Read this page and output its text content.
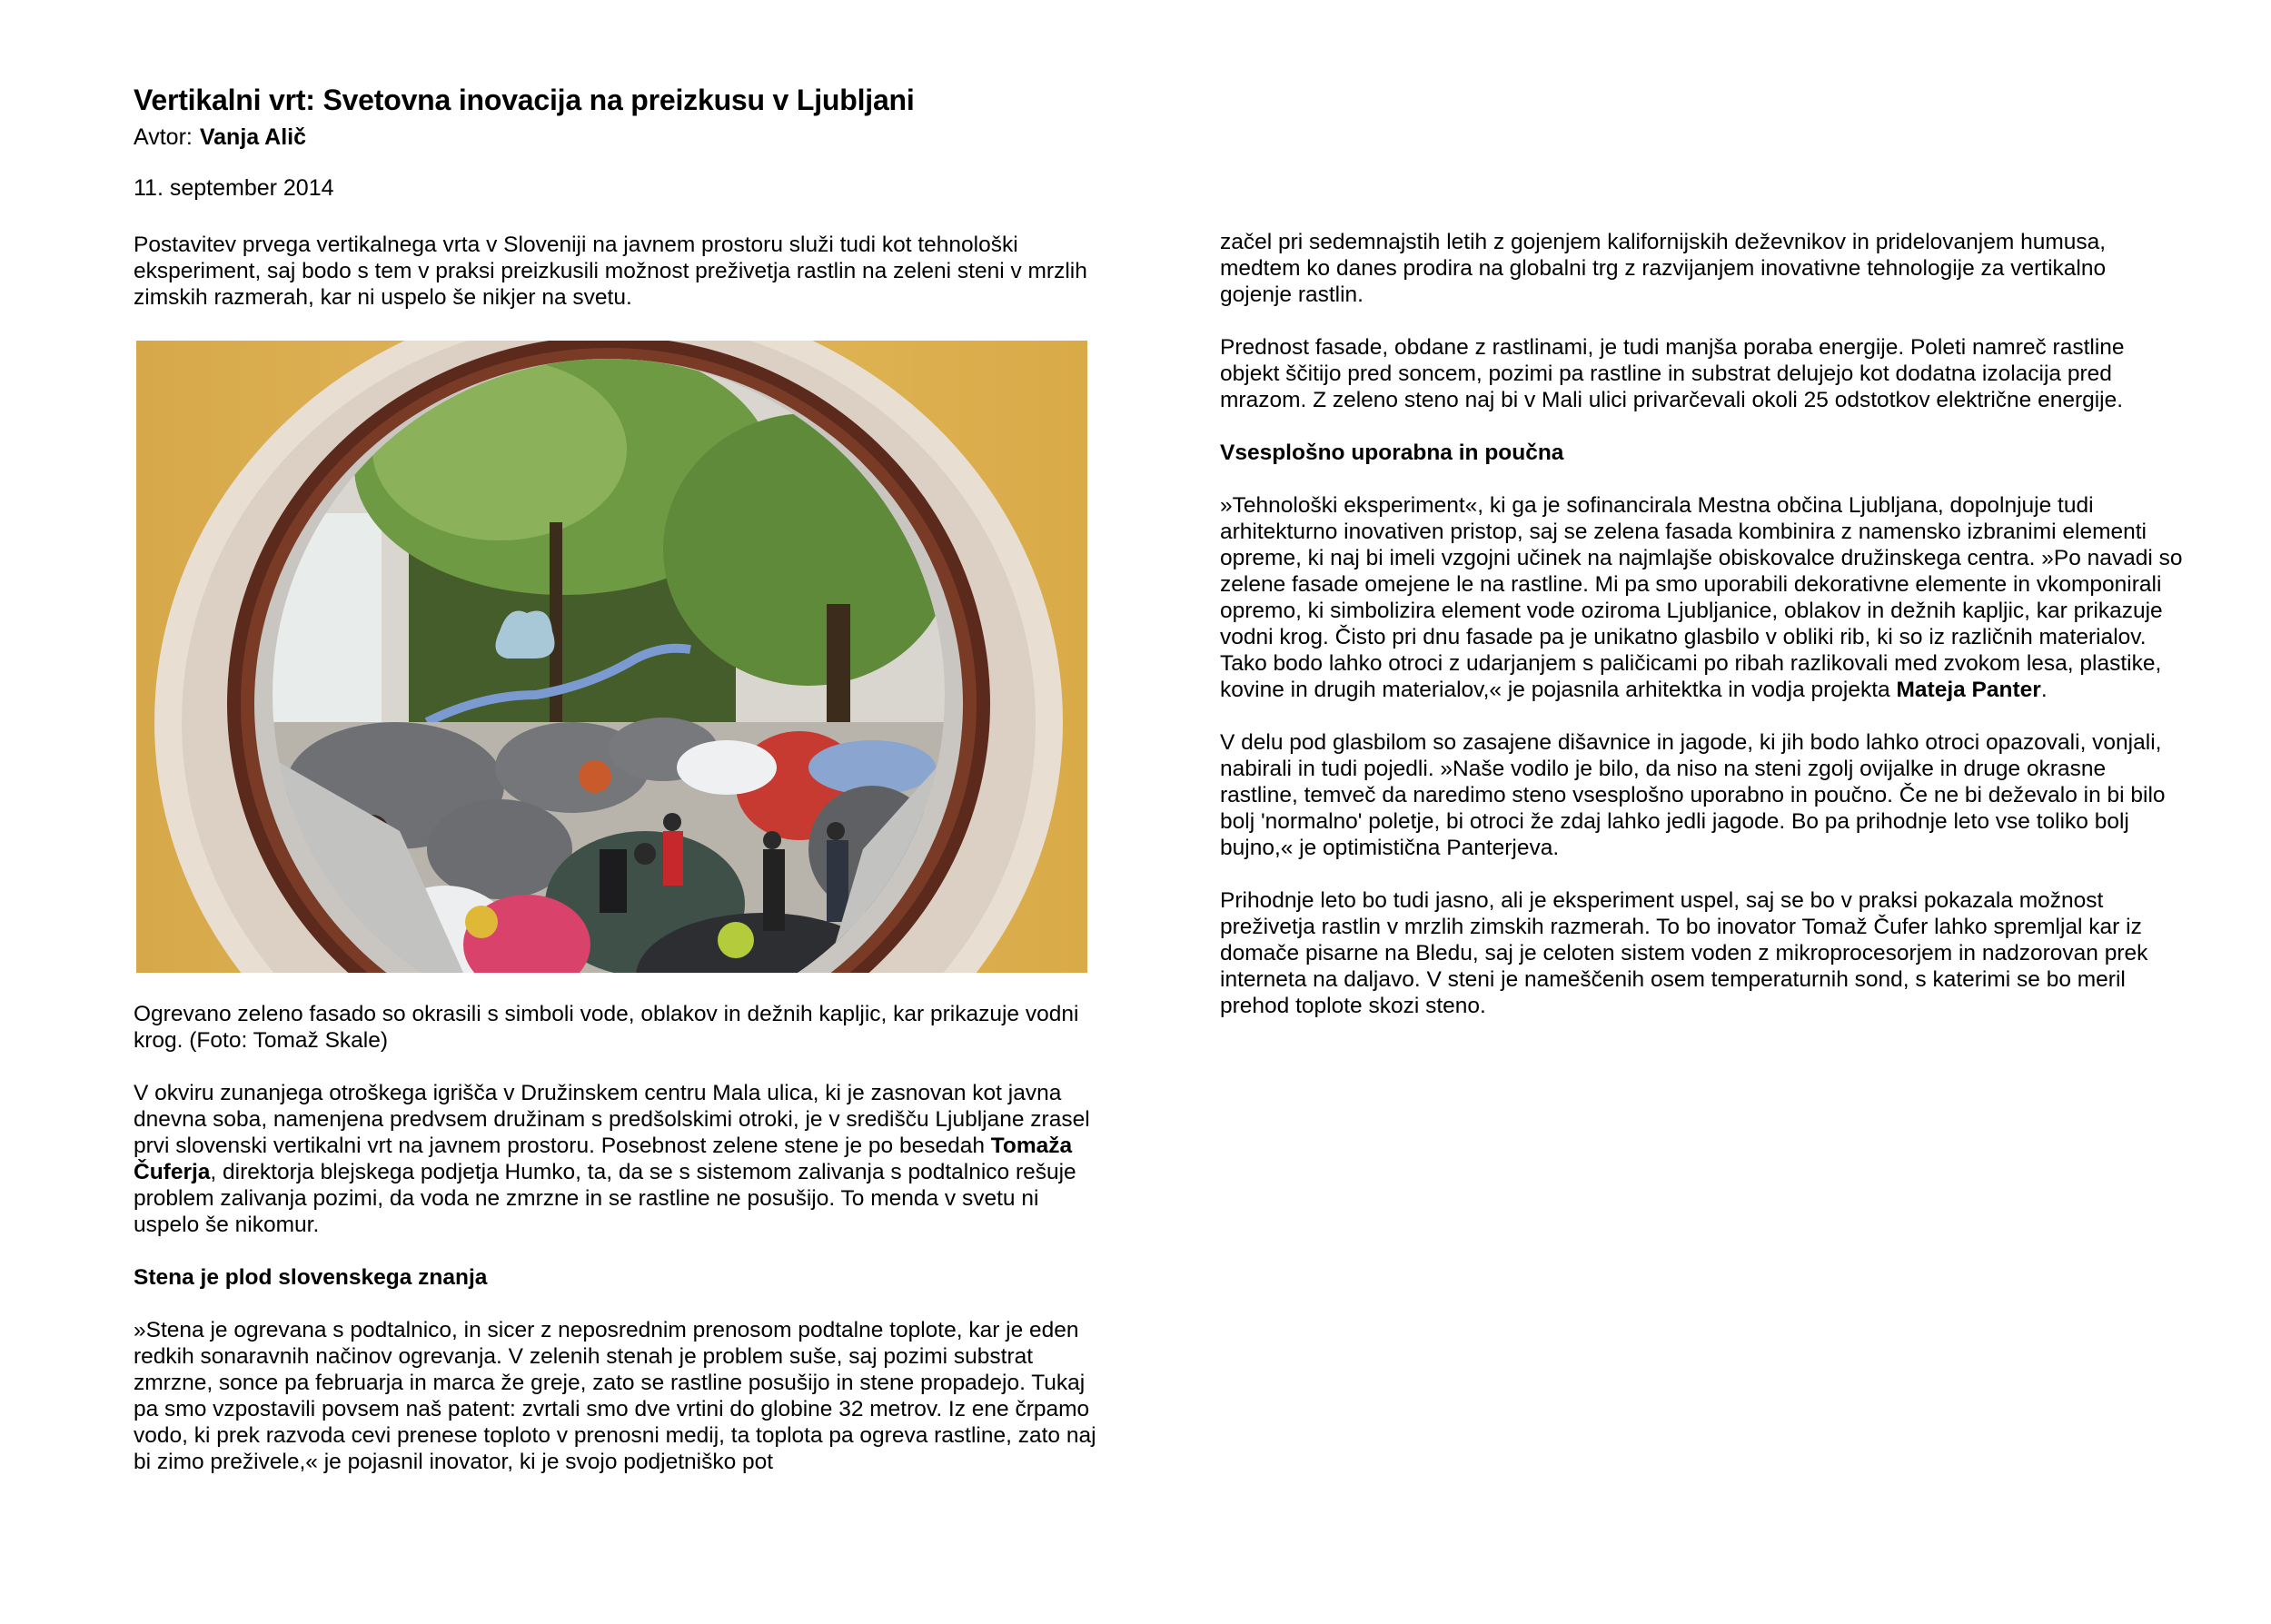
Vertikalni vrt: Svetovna inovacija na preizkusu v Ljubljani
Avtor: Vanja Alič
11. september 2014

Postavitev prvega vertikalnega vrta v Sloveniji na javnem prostoru služi tudi kot tehnološki eksperiment, saj bodo s tem v praksi preizkusili možnost preživetja rastlin na zeleni steni v mrzlih zimskih razmerah, kar ni uspelo še nikjer na svetu.

Ogrevano zeleno fasado so okrasili s simboli vode, oblakov in dežnih kapljic, kar prikazuje vodni krog. (Foto: Tomaž Skale)

V okviru zunanjega otroškega igrišča v Družinskem centru Mala ulica, ki je zasnovan kot javna dnevna soba, namenjena predvsem družinam s predšolskimi otroki, je v središču Ljubljane zrasel prvi slovenski vertikalni vrt na javnem prostoru. Posebnost zelene stene je po besedah Tomaža Čuferja, direktorja blejskega podjetja Humko, ta, da se s sistemom zalivanja s podtalnico rešuje problem zalivanja pozimi, da voda ne zmrzne in se rastline ne posušijo. To menda v svetu ni uspelo še nikomur.

Stena je plod slovenskega znanja

»Stena je ogrevana s podtalnico, in sicer z neposrednim prenosom podtalne toplote, kar je eden redkih sonaravnih načinov ogrevanja. V zelenih stenah je problem suše, saj pozimi substrat zmrzne, sonce pa februarja in marca že greje, zato se rastline posušijo in stene propadejo. Tukaj pa smo vzpostavili povsem naš patent: zvrtali smo dve vrtini do globine 32 metrov. Iz ene črpamo vodo, ki prek razvoda cevi prenese toploto v prenosni medij, ta toplota pa ogreva rastline, zato naj bi zimo preživele,« je pojasnil inovator, ki je svojo podjetniško pot

začel pri sedemnajstih letih z gojenjem kalifornijskih deževnikov in pridelovanjem humusa, medtem ko danes prodira na globalni trg z razvijanjem inovativne tehnologije za vertikalno gojenje rastlin.

Prednost fasade, obdane z rastlinami, je tudi manjša poraba energije. Poleti namreč rastline objekt ščitijo pred soncem, pozimi pa rastline in substrat delujejo kot dodatna izolacija pred mrazom. Z zeleno steno naj bi v Mali ulici privarčevali okoli 25 odstotkov električne energije.

Vsesplošno uporabna in poučna

»Tehnološki eksperiment«, ki ga je sofinancirala Mestna občina Ljubljana, dopolnjuje tudi arhitekturno inovativen pristop, saj se zelena fasada kombinira z namensko izbranimi elementi opreme, ki naj bi imeli vzgojni učinek na najmlajše obiskovalce družinskega centra. »Po navadi so zelene fasade omejene le na rastline. Mi pa smo uporabili dekorativne elemente in vkomponirali opremo, ki simbolizira element vode oziroma Ljubljanice, oblakov in dežnih kapljic, kar prikazuje vodni krog. Čisto pri dnu fasade pa je unikatno glasbilo v obliki rib, ki so iz različnih materialov. Tako bodo lahko otroci z udarjanjem s paličicami po ribah razlikovali med zvokom lesa, plastike, kovine in drugih materialov,« je pojasnila arhitektka in vodja projekta Mateja Panter.

V delu pod glasbilom so zasajene dišavnice in jagode, ki jih bodo lahko otroci opazovali, vonjali, nabirali in tudi pojedli. »Naše vodilo je bilo, da niso na steni zgolj ovijalke in druge okrasne rastline, temveč da naredimo steno vsesplošno uporabno in poučno. Če ne bi deževalo in bi bilo bolj 'normalno' poletje, bi otroci že zdaj lahko jedli jagode. Bo pa prihodnje leto vse toliko bolj bujno,« je optimistična Panterjeva.

Prihodnje leto bo tudi jasno, ali je eksperiment uspel, saj se bo v praksi pokazala možnost preživetja rastlin v mrzlih zimskih razmerah. To bo inovator Tomaž Čufer lahko spremljal kar iz domače pisarne na Bledu, saj je celoten sistem voden z mikroprocesorjem in nadzorovan prek interneta na daljavo. V steni je nameščenih osem temperaturnih sond, s katerimi se bo meril prehod toplote skozi steno.
